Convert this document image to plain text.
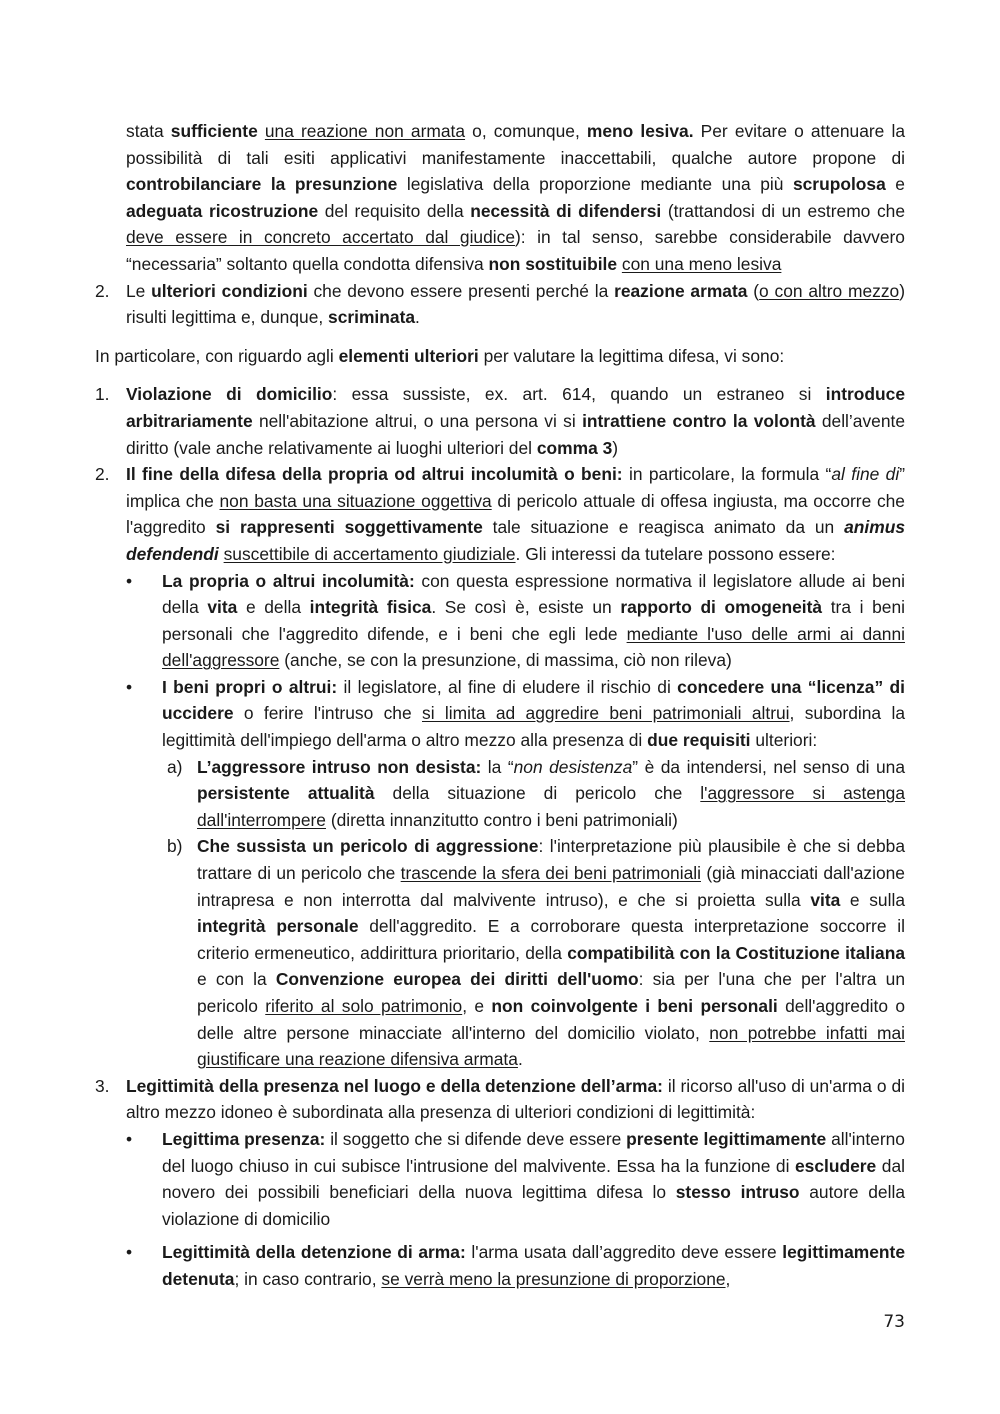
stata sufficiente una reazione non armata o, comunque, meno lesiva. Per evitare o attenuare la possibilità di tali esiti applicativi manifestamente inaccettabili, qualche autore propone di controbilanciare la presunzione legislativa della proporzione mediante una più scrupolosa e adeguata ricostruzione del requisito della necessità di difendersi (trattandosi di un estremo che deve essere in concreto accertato dal giudice): in tal senso, sarebbe considerabile davvero “necessaria” soltanto quella condotta difensiva non sostituibile con una meno lesiva

2. Le ulteriori condizioni che devono essere presenti perché la reazione armata (o con altro mezzo) risulti legittima e, dunque, scriminata.

In particolare, con riguardo agli elementi ulteriori per valutare la legittima difesa, vi sono:

1. Violazione di domicilio: essa sussiste, ex. art. 614, quando un estraneo si introduce arbitrariamente nell'abitazione altrui, o una persona vi si intrattiene contro la volontà dell’avente diritto (vale anche relativamente ai luoghi ulteriori del comma 3)
2. Il fine della difesa della propria od altrui incolumità o beni: in particolare, la formula “al fine di” implica che non basta una situazione oggettiva di pericolo attuale di offesa ingiusta, ma occorre che l'aggredito si rappresenti soggettivamente tale situazione e reagisca animato da un animus defendendi suscettibile di accertamento giudiziale. Gli interessi da tutelare possono essere:
• La propria o altrui incolumità: con questa espressione normativa il legislatore allude ai beni della vita e della integrità fisica. Se così è, esiste un rapporto di omogeneità tra i beni personali che l'aggredito difende, e i beni che egli lede mediante l'uso delle armi ai danni dell'aggressore (anche, se con la presunzione, di massima, ciò non rileva)
• I beni propri o altrui: il legislatore, al fine di eludere il rischio di concedere una “licenza” di uccidere o ferire l'intruso che si limita ad aggredire beni patrimoniali altrui, subordina la legittimità dell'impiego dell'arma o altro mezzo alla presenza di due requisiti ulteriori:
a) L’aggressore intruso non desista: la “non desistenza” è da intendersi, nel senso di una persistente attualità della situazione di pericolo che l'aggressore si astenga dall'interrompere (diretta innanzitutto contro i beni patrimoniali)
b) Che sussista un pericolo di aggressione: l'interpretazione più plausibile è che si debba trattare di un pericolo che trascende la sfera dei beni patrimoniali (già minacciati dall'azione intrapresa e non interrotta dal malvivente intruso), e che si proietta sulla vita e sulla integrità personale dell'aggredito. E a corroborare questa interpretazione soccorre il criterio ermeneutico, addirittura prioritario, della compatibilità con la Costituzione italiana e con la Convenzione europea dei diritti dell'uomo: sia per l'una che per l'altra un pericolo riferito al solo patrimonio, e non coinvolgente i beni personali dell'aggredito o delle altre persone minacciate all'interno del domicilio violato, non potrebbe infatti mai giustificare una reazione difensiva armata.
3. Legittimità della presenza nel luogo e della detenzione dell’arma: il ricorso all'uso di un'arma o di altro mezzo idoneo è subordinata alla presenza di ulteriori condizioni di legittimità:
• Legittima presenza: il soggetto che si difende deve essere presente legittimamente all'interno del luogo chiuso in cui subisce l'intrusione del malvivente. Essa ha la funzione di escludere dal novero dei possibili beneficiari della nuova legittima difesa lo stesso intruso autore della violazione di domicilio
• Legittimità della detenzione di arma: l'arma usata dall’aggredito deve essere legittimamente detenuta; in caso contrario, se verrà meno la presunzione di proporzione,
73
